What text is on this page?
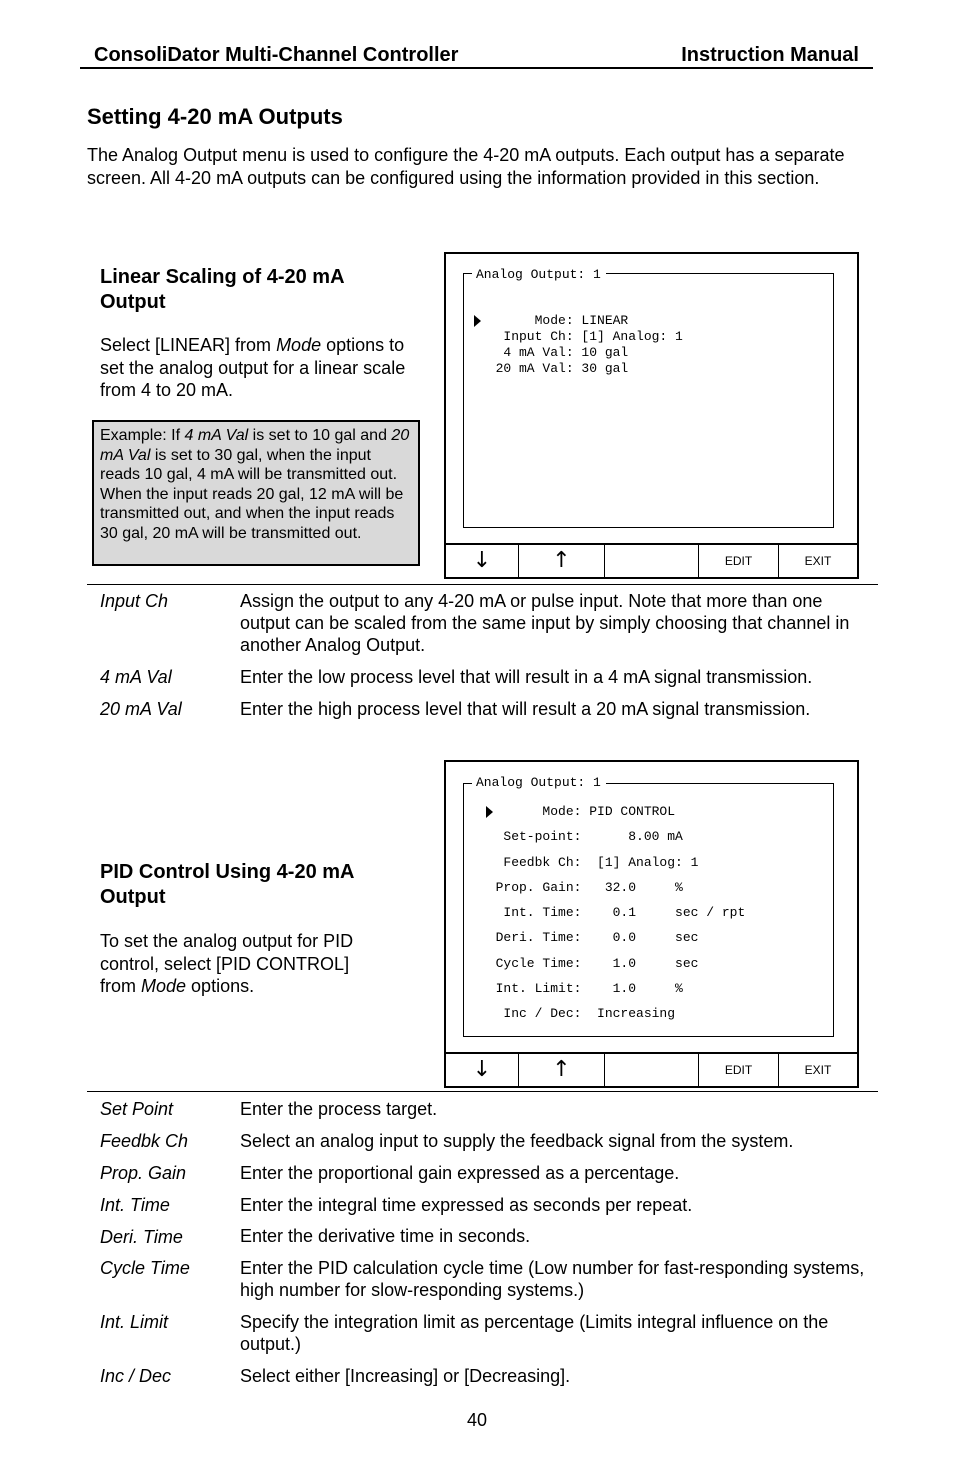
ConsoliDator Multi-Channel Controller	Instruction Manual
Setting 4-20 mA Outputs
The Analog Output menu is used to configure the 4-20 mA outputs. Each output has a separate screen. All 4-20 mA outputs can be configured using the information provided in this section.
Linear Scaling of 4-20 mA Output
Select [LINEAR] from Mode options to set the analog output for a linear scale from 4 to 20 mA.
Example: If 4 mA Val is set to 10 gal and 20 mA Val is set to 30 gal, when the input reads 10 gal, 4 mA will be transmitted out. When the input reads 20 gal, 12 mA will be transmitted out, and when the input reads 30 gal, 20 mA will be transmitted out.
Analog Output: 1
Mode: LINEAR
Input Ch: [1] Analog: 1
4 mA Val: 10 gal
20 mA Val: 30 gal
↓	↑	EDIT	EXIT
Input Ch	Assign the output to any 4-20 mA or pulse input. Note that more than one output can be scaled from the same input by simply choosing that channel in another Analog Output.
4 mA Val	Enter the low process level that will result in a 4 mA signal transmission.
20 mA Val	Enter the high process level that will result a 20 mA signal transmission.
PID Control Using 4-20 mA Output
To set the analog output for PID control, select [PID CONTROL] from Mode options.
Analog Output: 1
Mode: PID CONTROL
Set-point:      8.00 mA
Feedbk Ch:  [1] Analog: 1
Prop. Gain:   32.0     %
Int. Time:    0.1     sec / rpt
Deri. Time:    0.0     sec
Cycle Time:    1.0     sec
Int. Limit:    1.0     %
Inc / Dec:  Increasing
↓	↑	EDIT	EXIT
Set Point	Enter the process target.
Feedbk Ch	Select an analog input to supply the feedback signal from the system.
Prop. Gain	Enter the proportional gain expressed as a percentage.
Int. Time	Enter the integral time expressed as seconds per repeat.
Deri. Time	Enter the derivative time in seconds.
Cycle Time	Enter the PID calculation cycle time (Low number for fast-responding systems, high number for slow-responding systems.)
Int. Limit	Specify the integration limit as percentage (Limits integral influence on the output.)
Inc / Dec	Select either [Increasing] or [Decreasing].
40
